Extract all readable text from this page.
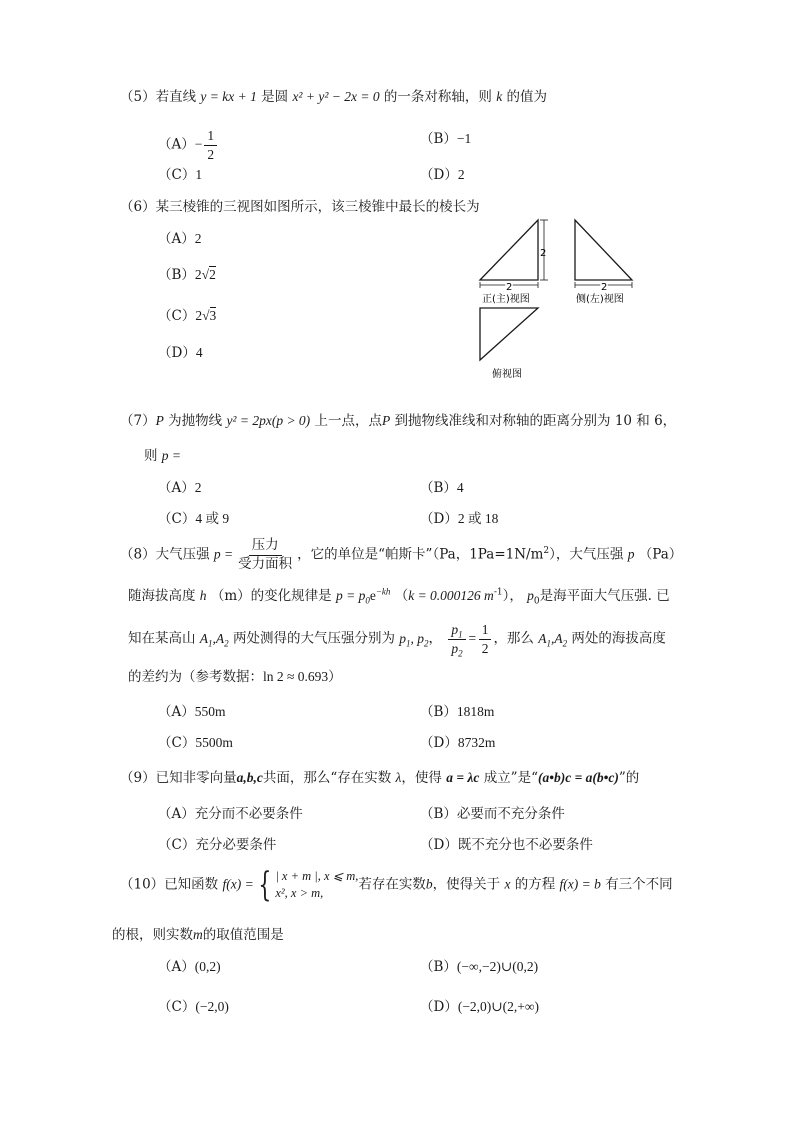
（5）若直线 y = kx + 1 是圆 x² + y² − 2x = 0 的一条对称轴，则 k 的值为
$(A)- \frac{1}{2}$	（B）−1
（C）1	（D）2
（6）某三棱锥的三视图如图所示，该三棱锥中最长的棱长为
（A）2
（B）2√2
（C）2√3
（D）4
2
2
正(主)视图
2
侧(左)视图
俯视图
（7）P 为抛物线 y² = 2px(p > 0) 上一点，点P 到抛物线准线和对称轴的距离分别为 10 和 6，
则 p =
（A）2	（B）4
（C）4 或 9	（D）2 或 18
（8）大气压强 $p = \frac{\text{压力}}{\text{受力面积}}$ ，它的单位是“帕斯卡”（Pa，$1Pa=1N/m^2$），大气压强 p （Pa）
随海拔高度 h （m）的变化规律是 $p = p_0e^{-kh}$ （k = 0.000126 $m^{-1}$）， $p_0$是海平面大气压强. 已
知在某高山 $A_1,A_2$ 两处测得的大气压强分别为 $p_1$, $p_2$， $\frac{p_1}{p_2} = \frac{1}{2}$ ，那么 $A_1,A_2$ 两处的海拔高度
的差约为（参考数据：ln 2 ≈ 0.693）
（A）550m	（B）1818m
（C）5500m	（D）8732m
（9）已知非零向量a,b,c共面，那么“存在实数 λ，使得 a = λc 成立”是“(a•b)c = a(b•c)”的
（A）充分而不必要条件	（B）必要而不充分条件
（C）充分必要条件	（D）既不充分也不必要条件
（10）已知函数 f(x) = { | x + m |, x ⩽ m,
x², x > m,
若存在实数b，使得关于 x 的方程 f(x) = b 有三个不同
的根，则实数m的取值范围是
（A）(0,2)	（B）(−∞,−2)∪(0,2)
（C）(−2,0)	（D）(−2,0)∪(2,+∞)
